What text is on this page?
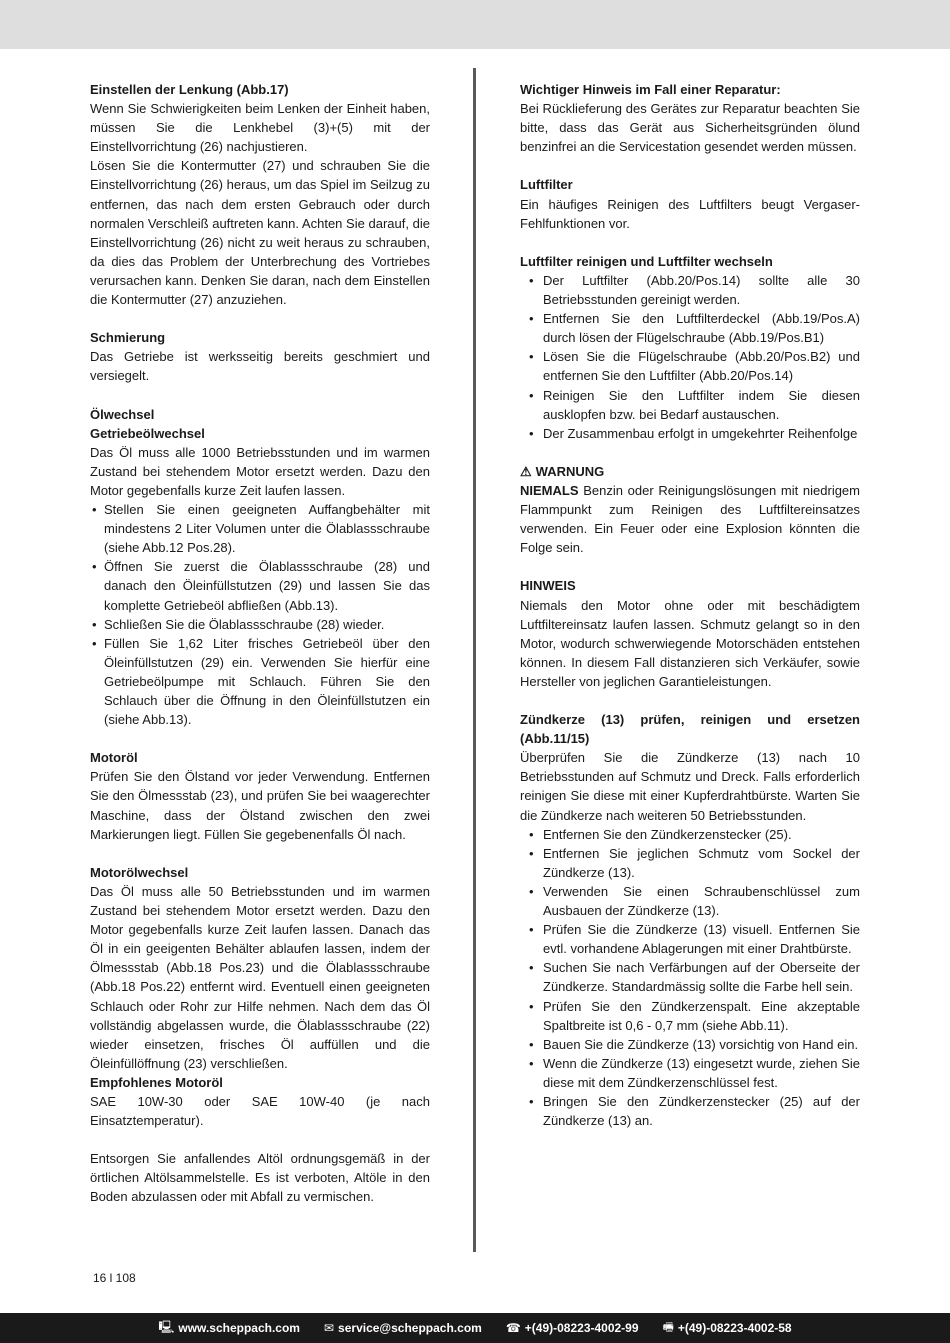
Einstellen der Lenkung (Abb.17)

Wenn Sie Schwierigkeiten beim Lenken der Einheit haben, müssen Sie die Lenkhebel (3)+(5) mit der Einstellvorrichtung (26) nachjustieren.

Lösen Sie die Kontermutter (27) und schrauben Sie die Einstellvorrichtung (26) heraus, um das Spiel im Seilzug zu entfernen, das nach dem ersten Gebrauch oder durch normalen Verschleiß auftreten kann. Achten Sie darauf, die Einstellvorrichtung (26) nicht zu weit heraus zu schrauben, da dies das Problem der Unterbrechung des Vortriebes verursachen kann. Denken Sie daran, nach dem Einstellen die Kontermutter (27) anzuziehen.

Schmierung

Das Getriebe ist werksseitig bereits geschmiert und versiegelt.

Ölwechsel
Getriebeölwechsel

Das Öl muss alle 1000 Betriebsstunden und im warmen Zustand bei stehendem Motor ersetzt werden. Dazu den Motor gegebenfalls kurze Zeit laufen lassen.

• Stellen Sie einen geeigneten Auffangbehälter mit mindestens 2 Liter Volumen unter die Ölablassschraube (siehe Abb.12 Pos.28).
• Öffnen Sie zuerst die Ölablassschraube (28) und danach den Öleinfüllstutzen (29) und lassen Sie das komplette Getriebeöl abfließen (Abb.13).
• Schließen Sie die Ölablassschraube (28) wieder.
• Füllen Sie 1,62 Liter frisches Getriebeöl über den Öleinfüllstutzen (29) ein. Verwenden Sie hierfür eine Getriebeölpumpe mit Schlauch. Führen Sie den Schlauch über die Öffnung in den Öleinfüllstutzen ein (siehe Abb.13).
Motoröl

Prüfen Sie den Ölstand vor jeder Verwendung. Entfernen Sie den Ölmessstab (23), und prüfen Sie bei waagerechter Maschine, dass der Ölstand zwischen den zwei Markierungen liegt. Füllen Sie gegebenenfalls Öl nach.

Motorölwechsel

Das Öl muss alle 50 Betriebsstunden und im warmen Zustand bei stehendem Motor ersetzt werden. Dazu den Motor gegebenfalls kurze Zeit laufen lassen. Danach das Öl in ein geeigenten Behälter ablaufen lassen, indem der Ölmessstab (Abb.18 Pos.23) und die Ölablassschraube (Abb.18 Pos.22) entfernt wird. Eventuell einen geeigneten Schlauch oder Rohr zur Hilfe nehmen. Nach dem das Öl vollständig abgelassen wurde, die Ölablassschraube (22) wieder einsetzen, frisches Öl auffüllen und die Öleinfüllöffnung (23) verschließen.

Empfohlenes Motoröl

SAE 10W-30 oder SAE 10W-40 (je nach Einsatztemperatur).

Entsorgen Sie anfallendes Altöl ordnungsgemäß in der örtlichen Altölsammelstelle. Es ist verboten, Altöle in den Boden abzulassen oder mit Abfall zu vermischen.

Wichtiger Hinweis im Fall einer Reparatur:

Bei Rücklieferung des Gerätes zur Reparatur beachten Sie bitte, dass das Gerät aus Sicherheitsgründen ölund benzinfrei an die Servicestation gesendet werden müssen.

Luftfilter

Ein häufiges Reinigen des Luftfilters beugt Vergaser-Fehlfunktionen vor.

Luftfilter reinigen und Luftfilter wechseln
• Der Luftfilter (Abb.20/Pos.14) sollte alle 30 Betriebsstunden gereinigt werden.
• Entfernen Sie den Luftfilterdeckel (Abb.19/Pos.A) durch lösen der Flügelschraube (Abb.19/Pos.B1)
• Lösen Sie die Flügelschraube (Abb.20/Pos.B2) und entfernen Sie den Luftfilter (Abb.20/Pos.14)
• Reinigen Sie den Luftfilter indem Sie diesen ausklopfen bzw. bei Bedarf austauschen.
• Der Zusammenbau erfolgt in umgekehrter Reihenfolge
⚠ WARNUNG

NIEMALS Benzin oder Reinigungslösungen mit niedrigem Flammpunkt zum Reinigen des Luftfiltereinsatzes verwenden. Ein Feuer oder eine Explosion könnten die Folge sein.

HINWEIS

Niemals den Motor ohne oder mit beschädigtem Luftfiltereinsatz laufen lassen. Schmutz gelangt so in den Motor, wodurch schwerwiegende Motorschäden entstehen können. In diesem Fall distanzieren sich Verkäufer, sowie Hersteller von jeglichen Garantieleistungen.

Zündkerze (13) prüfen, reinigen und ersetzen (Abb.11/15)

Überprüfen Sie die Zündkerze (13) nach 10 Betriebsstunden auf Schmutz und Dreck. Falls erforderlich reinigen Sie diese mit einer Kupferdrahtbürste. Warten Sie die Zündkerze nach weiteren 50 Betriebsstunden.

• Entfernen Sie den Zündkerzenstecker (25).
• Entfernen Sie jeglichen Schmutz vom Sockel der Zündkerze (13).
• Verwenden Sie einen Schraubenschlüssel zum Ausbauen der Zündkerze (13).
• Prüfen Sie die Zündkerze (13) visuell. Entfernen Sie evtl. vorhandene Ablagerungen mit einer Drahtbürste.
• Suchen Sie nach Verfärbungen auf der Oberseite der Zündkerze. Standardmässig sollte die Farbe hell sein.
• Prüfen Sie den Zündkerzenspalt. Eine akzeptable Spaltbreite ist 0,6 - 0,7 mm (siehe Abb.11).
• Bauen Sie die Zündkerze (13) vorsichtig von Hand ein.
• Wenn die Zündkerze (13) eingesetzt wurde, ziehen Sie diese mit dem Zündkerzenschlüssel fest.
• Bringen Sie den Zündkerzenstecker (25) auf der Zündkerze (13) an.
16 l 108
🖳 www.scheppach.com ✉ service@scheppach.com ☎ +(49)-08223-4002-99 🖷 +(49)-08223-4002-58
